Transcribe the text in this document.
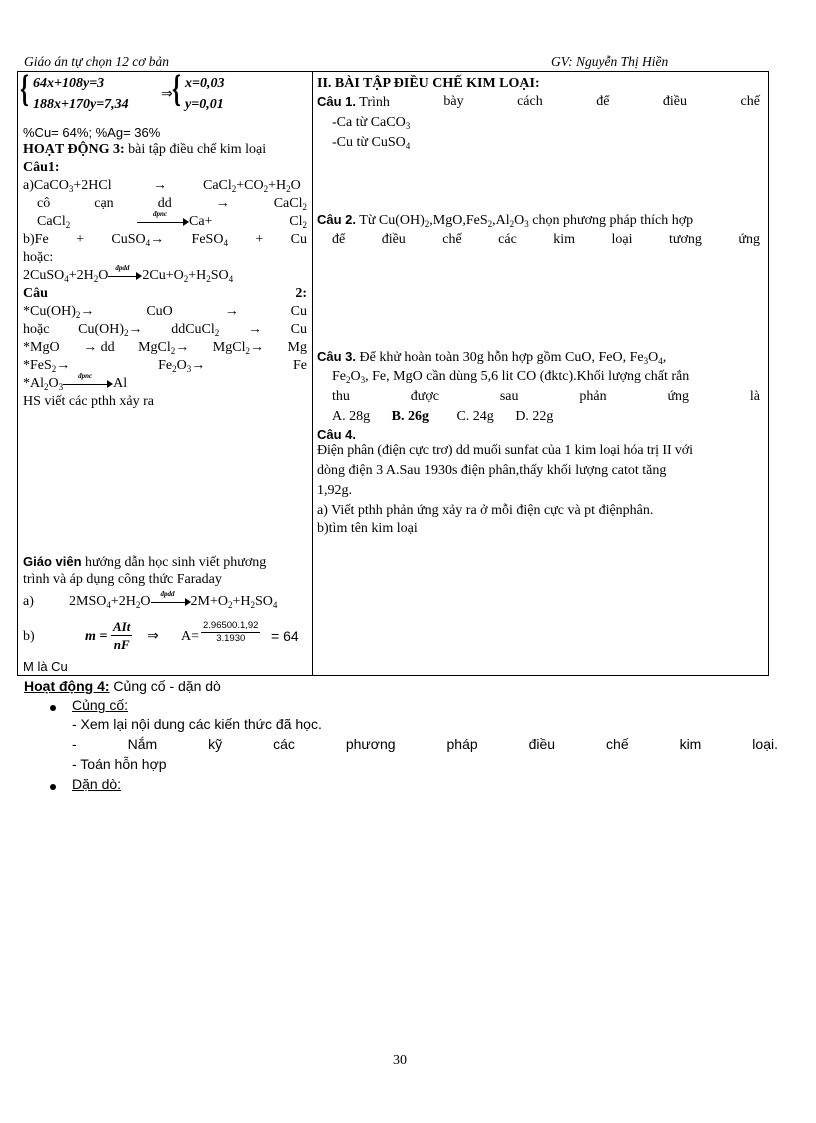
Giáo án tự chọn 12 cơ bản	GV: Nguyễn Thị Hiền
{ 64x+108y=3
188x+170y=7,34
⇒ { x=0,03
y=0,01
%Cu= 64%; %Ag= 36%
HOẠT ĐỘNG 3: bài tập điều chế kim loại
Câu1:
a)CaCO$_3$+2HCl	→	$CaCl_2+CO_2+H_2O$
cô	cạn	dd	→	CaCl$_2$
CaCl$_2$
đpnc
Ca+	$Cl_2$
b)Fe + CuSO$_4$→ FeSO$_4$ + Cu
hoặc:
$2CuSO_4+2H_2O$
đpdd
$2Cu+O_2+H_2SO_4$
Câu	2:
$*Cu(OH)_2\to$	CuO	→	Cu
hoặc $Cu(OH)_2\to$ ddCuCl$_2$ → Cu
*MgO → dd MgCl$_2$→ MgCl$_2$→ Mg
*FeS$_2$→	$Fe_2O_3\to$	Fe
$*Al_2O_3$
đpnc
Al
HS viết các pthh xảy ra
Giáo viên hướng dẫn học sinh viết phương
trình và áp dụng công thức Faraday
a)	$2MSO_4+2H_2O$
đpdd
$2M+O_2+H_2SO_4$
b)	$m = \frac{\text{AIt}}{nF}$ ⇒ $A= \frac{2.96500.1,92}{3.1930} = 64$
M là Cu
II. BÀI TẬP ĐIỀU CHẾ KIM LOẠI:
Câu 1. Trình	bày	cách	để	điều	chế
-Ca từ CaCO$_3$
-Cu từ CuSO$_4$
Câu 2. Từ $Cu(OH)_2,MgO,FeS_2,Al_2O_3$ chọn phương pháp thích hợp
để	điều	chế	các	kim	loại	tương	ứng
Câu 3. Để khử hoàn toàn 30g hỗn hợp gồm CuO, FeO, $Fe_3O_4$,
$Fe_2O_3$, Fe, MgO cần dùng 5,6 lit CO (đktc).Khối lượng chất rắn
thu	được	sau	phản	ứng	là
A. 28g B. 26g C. 24g D. 22g
Câu 4.
Điện phân (điện cực trơ) dd muối sunfat của 1 kim loại hóa trị II với
dòng điện 3 A.Sau 1930s điện phân,thấy khối lượng catot tăng
1,92g.
a) Viết pthh phản ứng xảy ra ở mỗi điện cực và pt điệnphân.
b)tìm tên kim loại
Hoạt động 4: Củng cố - dặn dò
Củng cố:
- Xem lại nội dung các kiến thức đã học.
-	Nắm	kỹ	các	phương	pháp	điều	chế	kim	loại.
- Toán hỗn hợp
Dặn dò:
30
